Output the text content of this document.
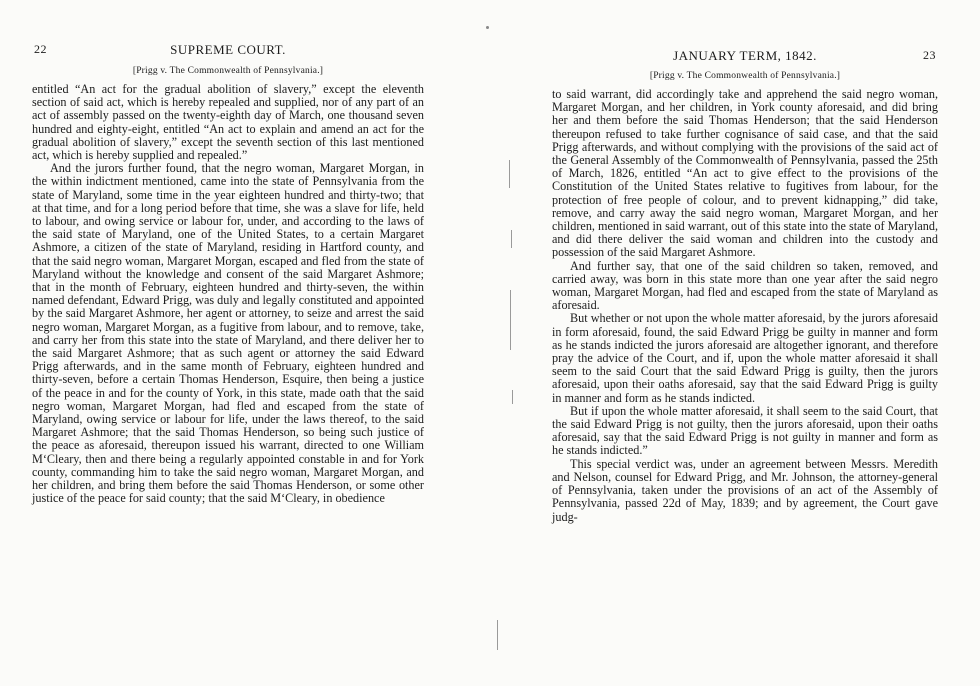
22	SUPREME COURT.
[Prigg v. The Commonwealth of Pennsylvania.]

entitled “An act for the gradual abolition of slavery,” except the eleventh section of said act, which is hereby repealed and supplied, nor of any part of an act of assembly passed on the twenty-eighth day of March, one thousand seven hundred and eighty-eight, entitled “An act to explain and amend an act for the gradual abolition of slavery,” except the seventh section of this last mentioned act, which is hereby supplied and repealed.”

And the jurors further found, that the negro woman, Margaret Morgan, in the within indictment mentioned, came into the state of Pennsylvania from the state of Maryland, some time in the year eighteen hundred and thirty-two; that at that time, and for a long period before that time, she was a slave for life, held to labour, and owing service or labour for, under, and according to the laws of the said state of Maryland, one of the United States, to a certain Margaret Ashmore, a citizen of the state of Maryland, residing in Hartford county, and that the said negro woman, Margaret Morgan, escaped and fled from the state of Maryland without the knowledge and consent of the said Margaret Ashmore; that in the month of February, eighteen hundred and thirty-seven, the within named defendant, Edward Prigg, was duly and legally constituted and appointed by the said Margaret Ashmore, her agent or attorney, to seize and arrest the said negro woman, Margaret Morgan, as a fugitive from labour, and to remove, take, and carry her from this state into the state of Maryland, and there deliver her to the said Margaret Ashmore; that as such agent or attorney the said Edward Prigg afterwards, and in the same month of February, eighteen hundred and thirty-seven, before a certain Thomas Henderson, Esquire, then being a justice of the peace in and for the county of York, in this state, made oath that the said negro woman, Margaret Morgan, had fled and escaped from the state of Maryland, owing service or labour for life, under the laws thereof, to the said Margaret Ashmore; that the said Thomas Henderson, so being such justice of the peace as aforesaid, thereupon issued his warrant, directed to one William M‘Cleary, then and there being a regularly appointed constable in and for York county, commanding him to take the said negro woman, Margaret Morgan, and her children, and bring them before the said Thomas Henderson, or some other justice of the peace for said county; that the said M‘Cleary, in obedience

JANUARY TERM, 1842.	23
[Prigg v. The Commonwealth of Pennsylvania.]

to said warrant, did accordingly take and apprehend the said negro woman, Margaret Morgan, and her children, in York county aforesaid, and did bring her and them before the said Thomas Henderson; that the said Henderson thereupon refused to take further cognisance of said case, and that the said Prigg afterwards, and without complying with the provisions of the said act of the General Assembly of the Commonwealth of Pennsylvania, passed the 25th of March, 1826, entitled “An act to give effect to the provisions of the Constitution of the United States relative to fugitives from labour, for the protection of free people of colour, and to prevent kidnapping,” did take, remove, and carry away the said negro woman, Margaret Morgan, and her children, mentioned in said warrant, out of this state into the state of Maryland, and did there deliver the said woman and children into the custody and possession of the said Margaret Ashmore.

And further say, that one of the said children so taken, removed, and carried away, was born in this state more than one year after the said negro woman, Margaret Morgan, had fled and escaped from the state of Maryland as aforesaid.

But whether or not upon the whole matter aforesaid, by the jurors aforesaid in form aforesaid, found, the said Edward Prigg be guilty in manner and form as he stands indicted the jurors aforesaid are altogether ignorant, and therefore pray the advice of the Court, and if, upon the whole matter aforesaid it shall seem to the said Court that the said Edward Prigg is guilty, then the jurors aforesaid, upon their oaths aforesaid, say that the said Edward Prigg is guilty in manner and form as he stands indicted.

But if upon the whole matter aforesaid, it shall seem to the said Court, that the said Edward Prigg is not guilty, then the jurors aforesaid, upon their oaths aforesaid, say that the said Edward Prigg is not guilty in manner and form as he stands indicted.”

This special verdict was, under an agreement between Messrs. Meredith and Nelson, counsel for Edward Prigg, and Mr. Johnson, the attorney-general of Pennsylvania, taken under the provisions of an act of the Assembly of Pennsylvania, passed 22d of May, 1839; and by agreement, the Court gave judg-
